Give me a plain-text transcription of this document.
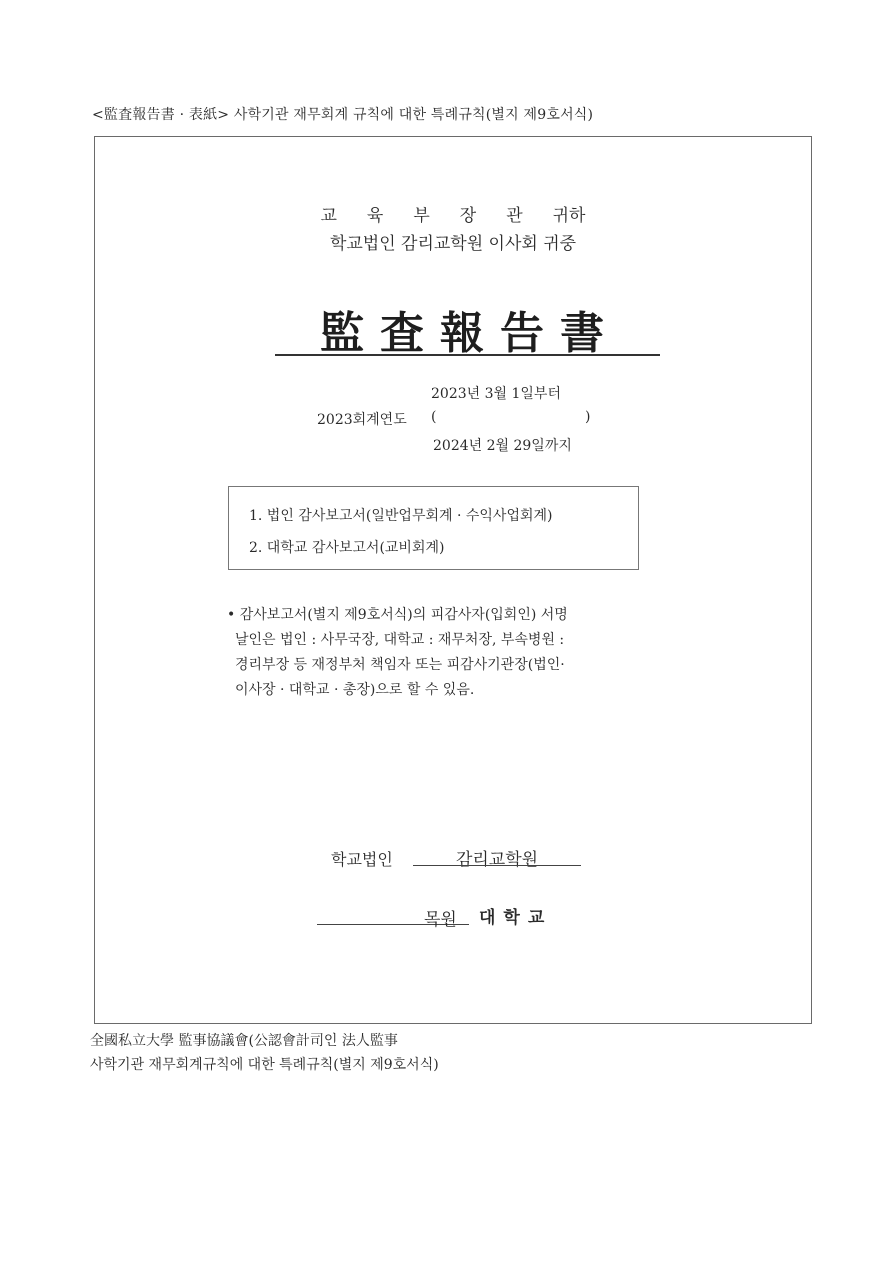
<監査報告書 · 表紙> 사학기관 재무회계 규칙에 대한 특례규칙(별지 제9호서식)
교육부장관귀하
학교법인 감리교학원 이사회 귀중
監査報告書
2023년 3월 1일부터
2023회계연도 (	)
2024년 2월 29일까지
1. 법인 감사보고서(일반업무회계 · 수익사업회계)
2. 대학교 감사보고서(교비회계)
• 감사보고서(별지 제9호서식)의 피감사자(입회인) 서명
날인은 법인 : 사무국장, 대학교 : 재무처장, 부속병원 :
경리부장 등 재정부처 책임자 또는 피감사기관장(법인·
이사장 · 대학교 · 총장)으로 할 수 있음.
학교법인	감리교학원
목원 대학교
全國私立大學 監事協議會(公認會計司인 法人監事
사학기관 재무회계규칙에 대한 특례규칙(별지 제9호서식)
